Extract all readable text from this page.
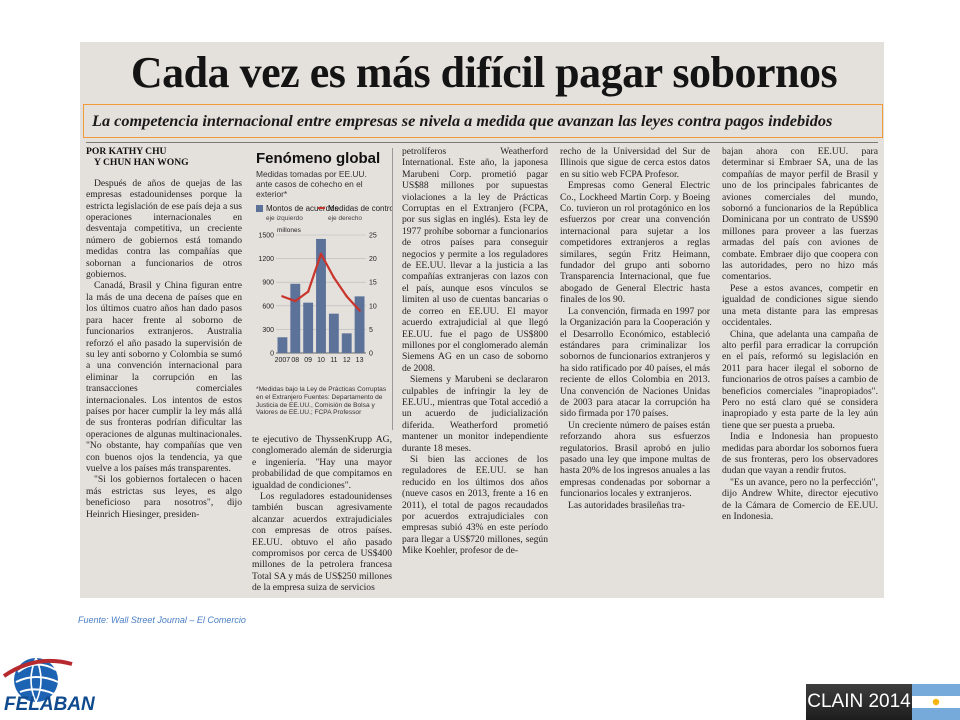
Cada vez es más difícil pagar sobornos
La competencia internacional entre empresas se nivela a medida que avanzan las leyes contra pagos indebidos

POR KATHY CHU

Y CHUN HAN WONG

Después de años de quejas de las empresas estadounidenses porque la estricta legislación de ese país deja a sus operaciones internacionales en desventaja competitiva, un creciente número de gobiernos está tomando medidas contra las compañías que sobornan a funcionarios de otros gobiernos.

Canadá, Brasil y China figuran entre la más de una decena de países que en los últimos cuatro años han dado pasos para hacer frente al soborno de funcionarios extranjeros. Australia reforzó el año pasado la supervisión de su ley anti soborno y Colombia se sumó a una convención internacional para eliminar la corrupción en las transacciones comerciales internacionales. Los intentos de estos países por hacer cumplir la ley más allá de sus fronteras podrían dificultar las operaciones de algunas multinacionales. "No obstante, hay compañías que ven con buenos ojos la tendencia, ya que vuelve a los países más transparentes.

"Si los gobiernos fortalecen o hacen más estrictas sus leyes, es algo beneficioso para nosotros", dijo Heinrich Hiesinger, presiden-

Fenómeno global
Medidas tomadas por EE.UU. ante casos de cohecho en el exterior*
Montos de acuerdos
eje izquierdo
Medidas de control
eje derecho
1500	25
1200	20
900	15
600	10
300	5
0	0
millones
2007 08 09 10 11 12 13
*Medidas bajo la Ley de Prácticas Corruptas en el Extranjero Fuentes: Departamento de Justicia de EE.UU., Comisión de Bolsa y Valores de EE.UU.; FCPA Professor

te ejecutivo de ThyssenKrupp AG, conglomerado alemán de siderurgia e ingeniería. "Hay una mayor probabilidad de que compitamos en igualdad de condiciones".

Los reguladores estadounidenses también buscan agresivamente alcanzar acuerdos extrajudiciales con empresas de otros países. EE.UU. obtuvo el año pasado compromisos por cerca de US$400 millones de la petrolera francesa Total SA y más de US$250 millones de la empresa suiza de servicios

petrolíferos Weatherford International. Este año, la japonesa Marubeni Corp. prometió pagar US$88 millones por supuestas violaciones a la ley de Prácticas Corruptas en el Extranjero (FCPA, por sus siglas en inglés). Esta ley de 1977 prohíbe sobornar a funcionarios de otros países para conseguir negocios y permite a los reguladores de EE.UU. llevar a la justicia a las compañías extranjeras con lazos con el país, aunque esos vínculos se limiten al uso de cuentas bancarias o de correo en EE.UU. El mayor acuerdo extrajudicial al que llegó EE.UU. fue el pago de US$800 millones por el conglomerado alemán Siemens AG en un caso de soborno de 2008.

Siemens y Marubeni se declararon culpables de infringir la ley de EE.UU., mientras que Total accedió a un acuerdo de judicialización diferida. Weatherford prometió mantener un monitor independiente durante 18 meses.

Si bien las acciones de los reguladores de EE.UU. se han reducido en los últimos dos años (nueve casos en 2013, frente a 16 en 2011), el total de pagos recaudados por acuerdos extrajudiciales con empresas subió 43% en este período para llegar a US$720 millones, según Mike Koehler, profesor de de-

recho de la Universidad del Sur de Illinois que sigue de cerca estos datos en su sitio web FCPA Profesor.

Empresas como General Electric Co., Lockheed Martin Corp. y Boeing Co. tuvieron un rol protagónico en los esfuerzos por crear una convención internacional para sujetar a los competidores extranjeros a reglas similares, según Fritz Heimann, fundador del grupo anti soborno Transparencia Internacional, que fue abogado de General Electric hasta finales de los 90.

La convención, firmada en 1997 por la Organización para la Cooperación y el Desarrollo Económico, estableció estándares para criminalizar los sobornos de funcionarios extranjeros y ha sido ratificado por 40 países, el más reciente de ellos Colombia en 2013. Una convención de Naciones Unidas de 2003 para atacar la corrupción ha sido firmada por 170 países.

Un creciente número de países están reforzando ahora sus esfuerzos regulatorios. Brasil aprobó en julio pasado una ley que impone multas de hasta 20% de los ingresos anuales a las empresas condenadas por sobornar a funcionarios locales y extranjeros.

Las autoridades brasileñas tra-

bajan ahora con EE.UU. para determinar si Embraer SA, una de las compañías de mayor perfil de Brasil y uno de los principales fabricantes de aviones comerciales del mundo, sobornó a funcionarios de la República Dominicana por un contrato de US$90 millones para proveer a las fuerzas armadas del país con aviones de combate. Embraer dijo que coopera con las autoridades, pero no hizo más comentarios.

Pese a estos avances, competir en igualdad de condiciones sigue siendo una meta distante para las empresas occidentales.

China, que adelanta una campaña de alto perfil para erradicar la corrupción en el país, reformó su legislación en 2011 para hacer ilegal el soborno de funcionarios de otros países a cambio de beneficios comerciales "inapropiados". Pero no está claro qué se considera inapropiado y esta parte de la ley aún tiene que ser puesta a prueba.

India e Indonesia han propuesto medidas para abordar los sobornos fuera de sus fronteras, pero los observadores dudan que vayan a rendir frutos.

"Es un avance, pero no la perfección", dijo Andrew White, director ejecutivo de la Cámara de Comercio de EE.UU. en Indonesia.

Fuente: Wall Street Journal – El Comercio

FELABAN	CLAIN 2014
